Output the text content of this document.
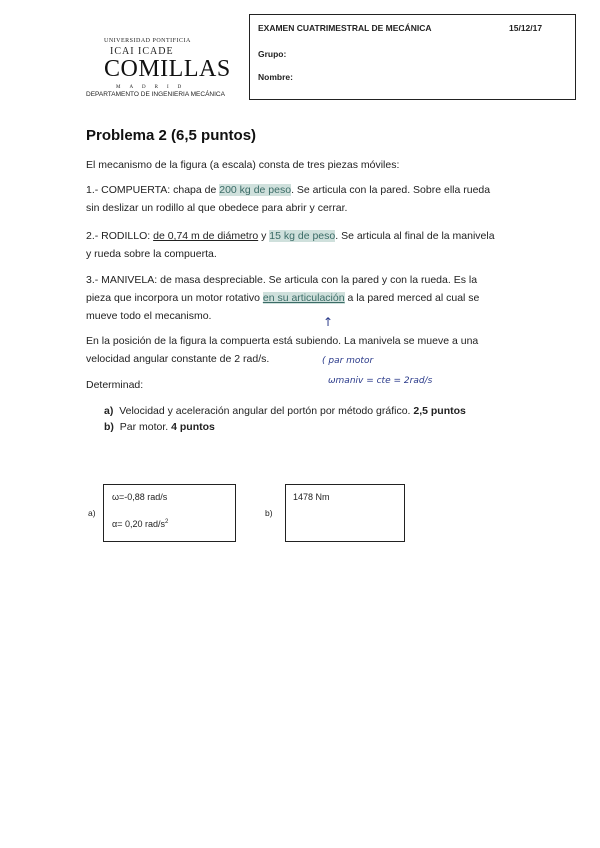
UNIVERSIDAD PONTIFICIA
ICAI ICADE
COMILLAS
MADRID
DEPARTAMENTO DE INGENIERIA MECÁNICA
EXAMEN CUATRIMESTRAL DE MECÁNICA	15/12/17
Grupo:
Nombre:
Problema 2 (6,5 puntos)
El mecanismo de la figura (a escala) consta de tres piezas móviles:
1.- COMPUERTA: chapa de 200 kg de peso. Se articula con la pared. Sobre ella rueda
sin deslizar un rodillo al que obedece para abrir y cerrar.
2.- RODILLO: de 0,74 m de diámetro y 15 kg de peso. Se articula al final de la manivela
y rueda sobre la compuerta.
3.- MANIVELA: de masa despreciable. Se articula con la pared y con la rueda. Es la
pieza que incorpora un motor rotativo en su articulación a la pared merced al cual se
mueve todo el mecanismo.	↑
En la posición de la figura la compuerta está subiendo. La manivela se mueve a una
velocidad angular constante de 2 rad/s.	( par motor
ωmaniv = cte = 2rad/s
Determinad:
a) Velocidad y aceleración angular del portón por método gráfico. 2,5 puntos
b) Par motor. 4 puntos
a)
ω=-0,88 rad/s
α= 0,20 rad/$s^2$
b)
1478 Nm
